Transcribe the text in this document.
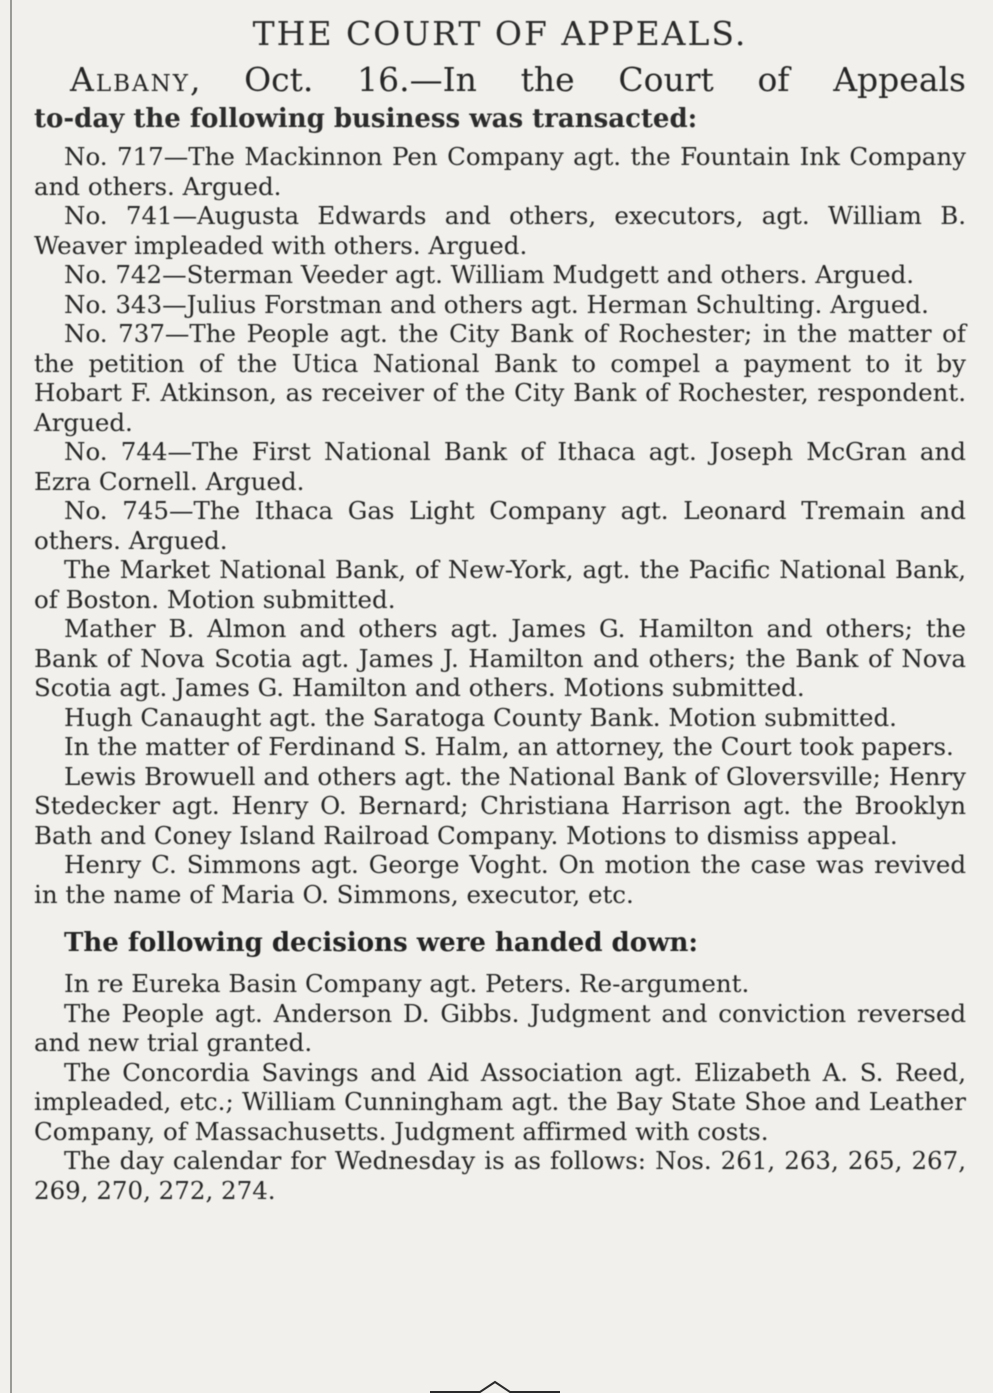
THE COURT OF APPEALS.

Albany, Oct. 16.—In the Court of Appeals

to-day the following business was transacted:

No. 717—The Mackinnon Pen Company agt. the Fountain Ink Company and others. Argued.

No. 741—Augusta Edwards and others, executors, agt. William B. Weaver impleaded with others. Argued.

No. 742—Sterman Veeder agt. William Mudgett and others. Argued.

No. 343—Julius Forstman and others agt. Herman Schulting. Argued.

No. 737—The People agt. the City Bank of Rochester; in the matter of the petition of the Utica National Bank to compel a payment to it by Hobart F. Atkinson, as receiver of the City Bank of Rochester, respondent. Argued.

No. 744—The First National Bank of Ithaca agt. Joseph McGran and Ezra Cornell. Argued.

No. 745—The Ithaca Gas Light Company agt. Leonard Tremain and others. Argued.

The Market National Bank, of New-York, agt. the Pacific National Bank, of Boston. Motion submitted.

Mather B. Almon and others agt. James G. Hamilton and others; the Bank of Nova Scotia agt. James J. Hamilton and others; the Bank of Nova Scotia agt. James G. Hamilton and others. Motions submitted.

Hugh Canaught agt. the Saratoga County Bank. Motion submitted.

In the matter of Ferdinand S. Halm, an attorney, the Court took papers.

Lewis Browuell and others agt. the National Bank of Gloversville; Henry Stedecker agt. Henry O. Bernard; Christiana Harrison agt. the Brooklyn Bath and Coney Island Railroad Company. Motions to dismiss appeal.

Henry C. Simmons agt. George Voght. On motion the case was revived in the name of Maria O. Simmons, executor, etc.

The following decisions were handed down:

In re Eureka Basin Company agt. Peters. Re-argument.

The People agt. Anderson D. Gibbs. Judgment and conviction reversed and new trial granted.

The Concordia Savings and Aid Association agt. Elizabeth A. S. Reed, impleaded, etc.; William Cunningham agt. the Bay State Shoe and Leather Company, of Massachusetts. Judgment affirmed with costs.

The day calendar for Wednesday is as follows: Nos. 261, 263, 265, 267, 269, 270, 272, 274.
